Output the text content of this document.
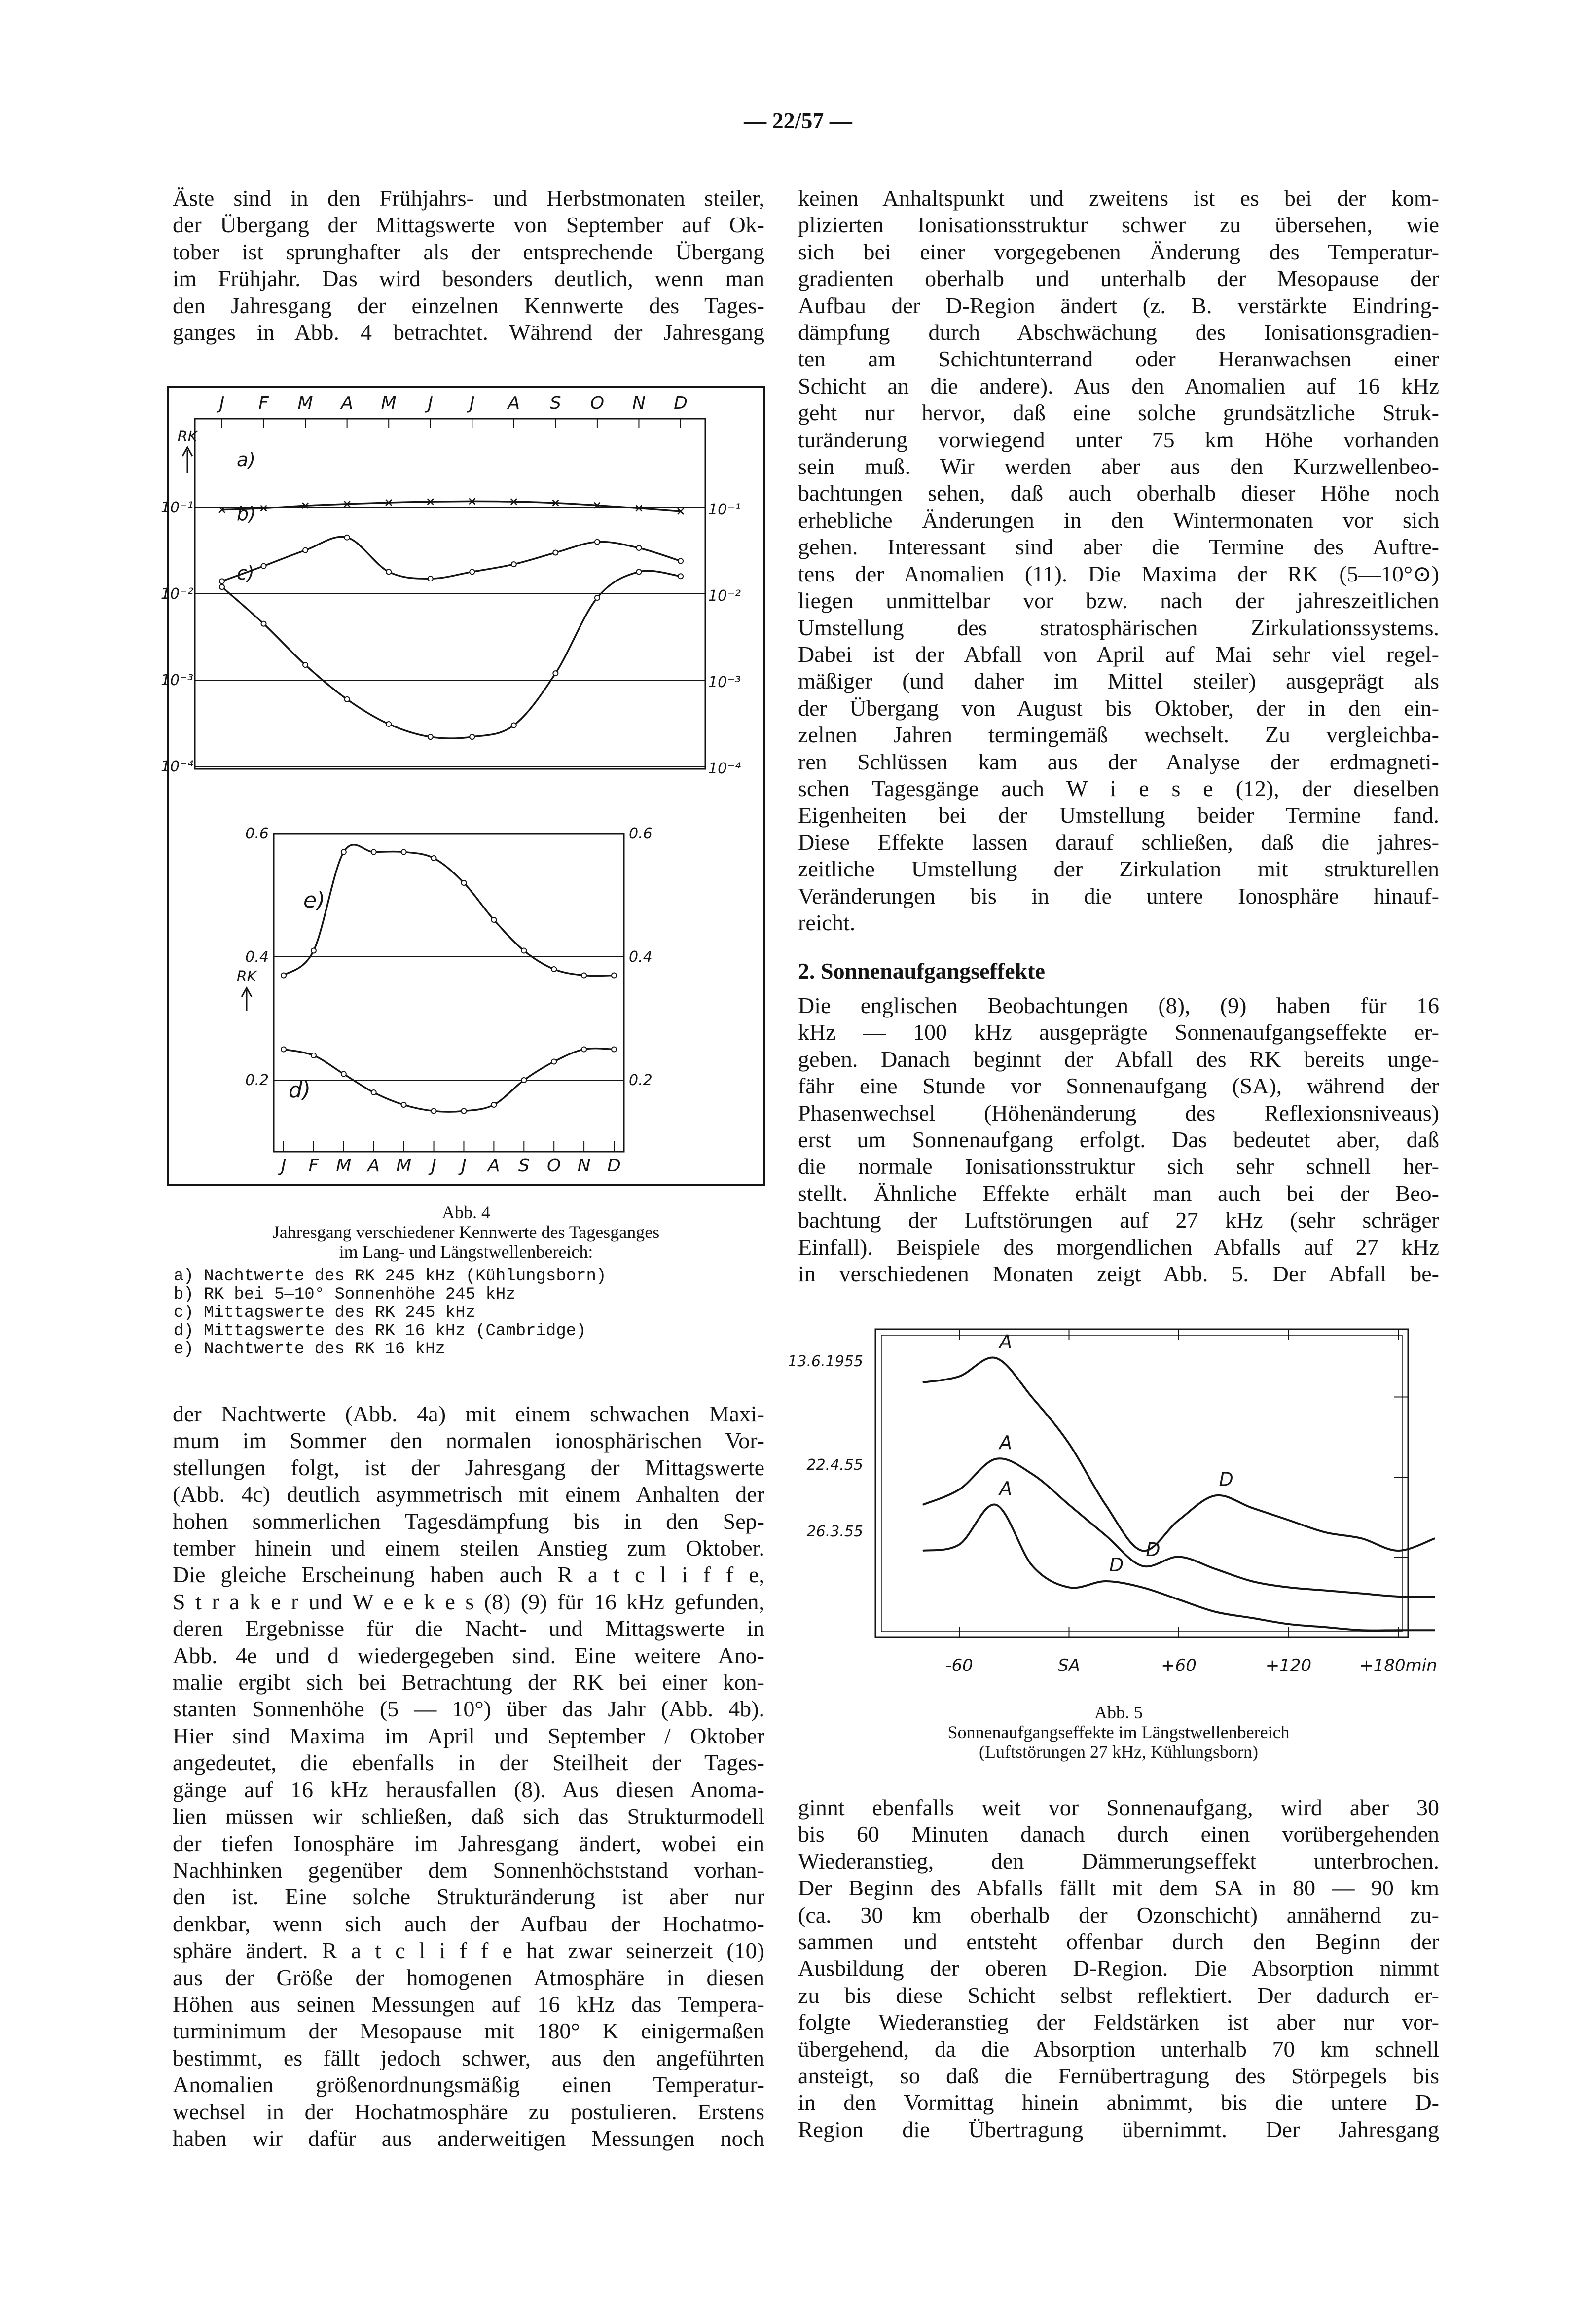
— 22/57 —
Äste sind in den Frühjahrs- und Herbstmonaten steiler,
der Übergang der Mittagswerte von September auf Ok-
tober ist sprunghafter als der entsprechende Übergang
im Frühjahr. Das wird besonders deutlich, wenn man
den Jahresgang der einzelnen Kennwerte des Tages-
ganges in Abb. 4 betrachtet. Während der Jahresgang
J F M A M J J A S O N D
10⁻¹	10⁻¹
10⁻²	10⁻²
10⁻³	10⁻³
10⁻⁴	10⁻⁴
RK
a)
b)
c)
0.6	0.6
0.4	0.4
0.2	0.2
RK
J F M A M J J A S O N D
e)
d)
Abb. 4
Jahresgang verschiedener Kennwerte des Tagesganges
im Lang- und Längstwellenbereich:
a) Nachtwerte des RK 245 kHz (Kühlungsborn)
b) RK bei 5—10° Sonnenhöhe 245 kHz
c) Mittagswerte des RK 245 kHz
d) Mittagswerte des RK 16 kHz (Cambridge)
e) Nachtwerte des RK 16 kHz
der Nachtwerte (Abb. 4a) mit einem schwachen Maxi-
mum im Sommer den normalen ionosphärischen Vor-
stellungen folgt, ist der Jahresgang der Mittagswerte
(Abb. 4c) deutlich asymmetrisch mit einem Anhalten der
hohen sommerlichen Tagesdämpfung bis in den Sep-
tember hinein und einem steilen Anstieg zum Oktober.
Die gleiche Erscheinung haben auch R a t c l i f f e,
S t r a k e r und W e e k e s (8) (9) für 16 kHz gefunden,
deren Ergebnisse für die Nacht- und Mittagswerte in
Abb. 4e und d wiedergegeben sind. Eine weitere Ano-
malie ergibt sich bei Betrachtung der RK bei einer kon-
stanten Sonnenhöhe (5 — 10°) über das Jahr (Abb. 4b).
Hier sind Maxima im April und September / Oktober
angedeutet, die ebenfalls in der Steilheit der Tages-
gänge auf 16 kHz herausfallen (8). Aus diesen Anoma-
lien müssen wir schließen, daß sich das Strukturmodell
der tiefen Ionosphäre im Jahresgang ändert, wobei ein
Nachhinken gegenüber dem Sonnenhöchststand vorhan-
den ist. Eine solche Strukturänderung ist aber nur
denkbar, wenn sich auch der Aufbau der Hochatmo-
sphäre ändert. R a t c l i f f e hat zwar seinerzeit (10)
aus der Größe der homogenen Atmosphäre in diesen
Höhen aus seinen Messungen auf 16 kHz das Tempera-
turminimum der Mesopause mit 180° K einigermaßen
bestimmt, es fällt jedoch schwer, aus den angeführten
Anomalien größenordnungsmäßig einen Temperatur-
wechsel in der Hochatmosphäre zu postulieren. Erstens
haben wir dafür aus anderweitigen Messungen noch
keinen Anhaltspunkt und zweitens ist es bei der kom-
plizierten Ionisationsstruktur schwer zu übersehen, wie
sich bei einer vorgegebenen Änderung des Temperatur-
gradienten oberhalb und unterhalb der Mesopause der
Aufbau der D-Region ändert (z. B. verstärkte Eindring-
dämpfung durch Abschwächung des Ionisationsgradien-
ten am Schichtunterrand oder Heranwachsen einer
Schicht an die andere). Aus den Anomalien auf 16 kHz
geht nur hervor, daß eine solche grundsätzliche Struk-
turänderung vorwiegend unter 75 km Höhe vorhanden
sein muß. Wir werden aber aus den Kurzwellenbeo-
bachtungen sehen, daß auch oberhalb dieser Höhe noch
erhebliche Änderungen in den Wintermonaten vor sich
gehen. Interessant sind aber die Termine des Auftre-
tens der Anomalien (11). Die Maxima der RK (5—10°⊙)
liegen unmittelbar vor bzw. nach der jahreszeitlichen
Umstellung des stratosphärischen Zirkulationssystems.
Dabei ist der Abfall von April auf Mai sehr viel regel-
mäßiger (und daher im Mittel steiler) ausgeprägt als
der Übergang von August bis Oktober, der in den ein-
zelnen Jahren termingemäß wechselt. Zu vergleichba-
ren Schlüssen kam aus der Analyse der erdmagneti-
schen Tagesgänge auch W i e s e (12), der dieselben
Eigenheiten bei der Umstellung beider Termine fand.
Diese Effekte lassen darauf schließen, daß die jahres-
zeitliche Umstellung der Zirkulation mit strukturellen
Veränderungen bis in die untere Ionosphäre hinauf-
reicht.
2. Sonnenaufgangseffekte
Die englischen Beobachtungen (8), (9) haben für 16
kHz — 100 kHz ausgeprägte Sonnenaufgangseffekte er-
geben. Danach beginnt der Abfall des RK bereits unge-
fähr eine Stunde vor Sonnenaufgang (SA), während der
Phasenwechsel (Höhenänderung des Reflexionsniveaus)
erst um Sonnenaufgang erfolgt. Das bedeutet aber, daß
die normale Ionisationsstruktur sich sehr schnell her-
stellt. Ähnliche Effekte erhält man auch bei der Beo-
bachtung der Luftstörungen auf 27 kHz (sehr schräger
Einfall). Beispiele des morgendlichen Abfalls auf 27 kHz
in verschiedenen Monaten zeigt Abb. 5. Der Abfall be-
-60	SA	+60	+120	+180min
13.6.1955
A
D
22.4.55
A
D
26.3.55
A
D
Abb. 5
Sonnenaufgangseffekte im Längstwellenbereich
(Luftstörungen 27 kHz, Kühlungsborn)
ginnt ebenfalls weit vor Sonnenaufgang, wird aber 30
bis 60 Minuten danach durch einen vorübergehenden
Wiederanstieg, den Dämmerungseffekt unterbrochen.
Der Beginn des Abfalls fällt mit dem SA in 80 — 90 km
(ca. 30 km oberhalb der Ozonschicht) annähernd zu-
sammen und entsteht offenbar durch den Beginn der
Ausbildung der oberen D-Region. Die Absorption nimmt
zu bis diese Schicht selbst reflektiert. Der dadurch er-
folgte Wiederanstieg der Feldstärken ist aber nur vor-
übergehend, da die Absorption unterhalb 70 km schnell
ansteigt, so daß die Fernübertragung des Störpegels bis
in den Vormittag hinein abnimmt, bis die untere D-
Region die Übertragung übernimmt. Der Jahresgang
